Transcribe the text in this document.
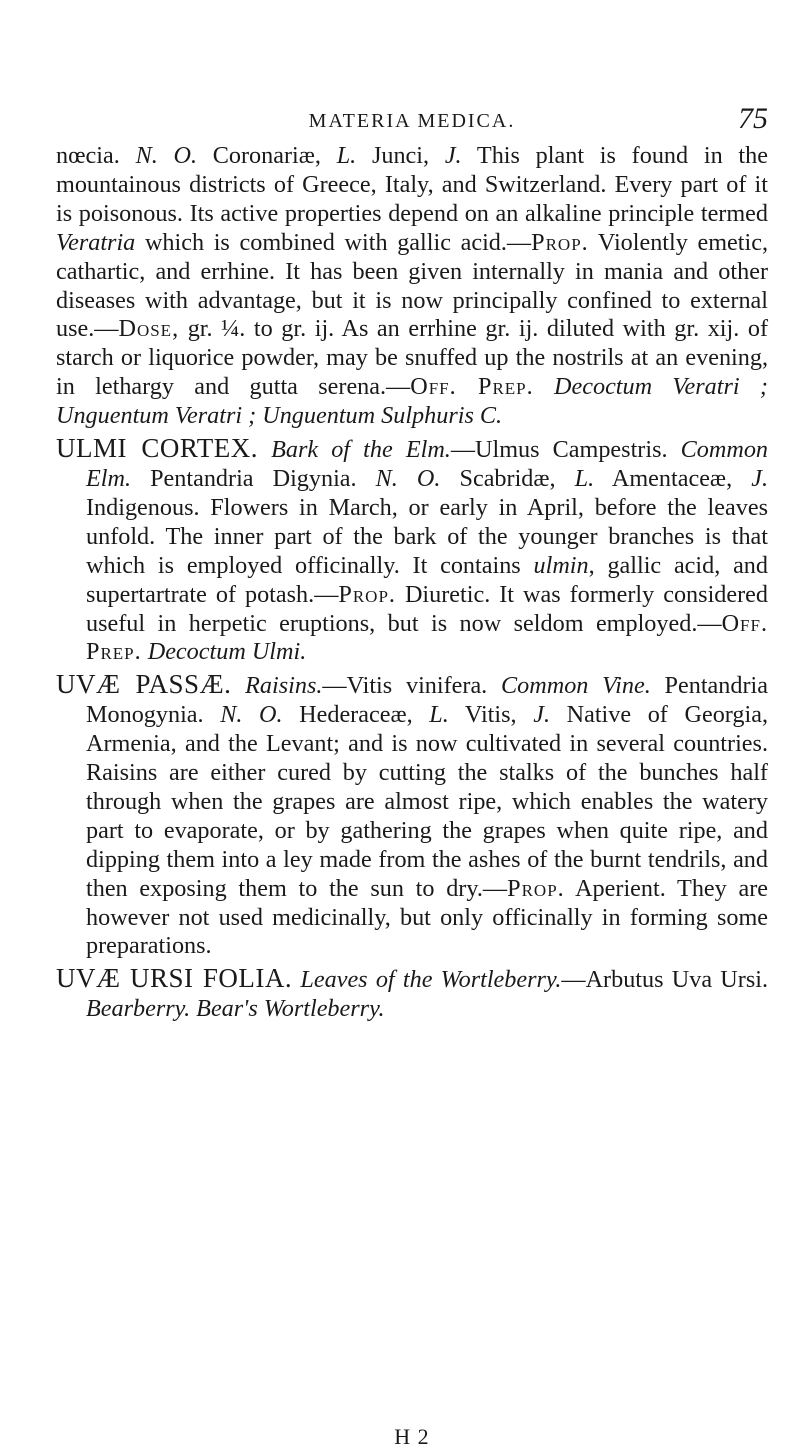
MATERIA MEDICA.	75

nœcia. N. O. Coronariæ, L. Junci, J. This plant is found in the mountainous districts of Greece, Italy, and Switzerland. Every part of it is poisonous. Its active properties depend on an alkaline principle termed Veratria which is combined with gallic acid.—Prop. Violently emetic, cathartic, and errhine. It has been given internally in mania and other diseases with advantage, but it is now principally confined to external use.—Dose, gr. ¼. to gr. ij. As an errhine gr. ij. diluted with gr. xij. of starch or liquorice powder, may be snuffed up the nostrils at an evening, in lethargy and gutta serena.—Off. Prep. Decoctum Veratri ; Unguentum Veratri ; Unguentum Sulphuris C.

ULMI CORTEX. Bark of the Elm.—Ulmus Campestris. Common Elm. Pentandria Digynia. N. O. Scabridæ, L. Amentaceæ, J. Indigenous. Flowers in March, or early in April, before the leaves unfold. The inner part of the bark of the younger branches is that which is employed officinally. It contains ulmin, gallic acid, and supertartrate of potash.—Prop. Diuretic. It was formerly considered useful in herpetic eruptions, but is now seldom employed.—Off. Prep. Decoctum Ulmi.

UVÆ PASSÆ. Raisins.—Vitis vinifera. Common Vine. Pentandria Monogynia. N. O. Hederaceæ, L. Vitis, J. Native of Georgia, Armenia, and the Levant; and is now cultivated in several countries. Raisins are either cured by cutting the stalks of the bunches half through when the grapes are almost ripe, which enables the watery part to evaporate, or by gathering the grapes when quite ripe, and dipping them into a ley made from the ashes of the burnt tendrils, and then exposing them to the sun to dry.—Prop. Aperient. They are however not used medicinally, but only officinally in forming some preparations.

UVÆ URSI FOLIA. Leaves of the Wortleberry.—Arbutus Uva Ursi. Bearberry. Bear's Wortleberry.

H 2
